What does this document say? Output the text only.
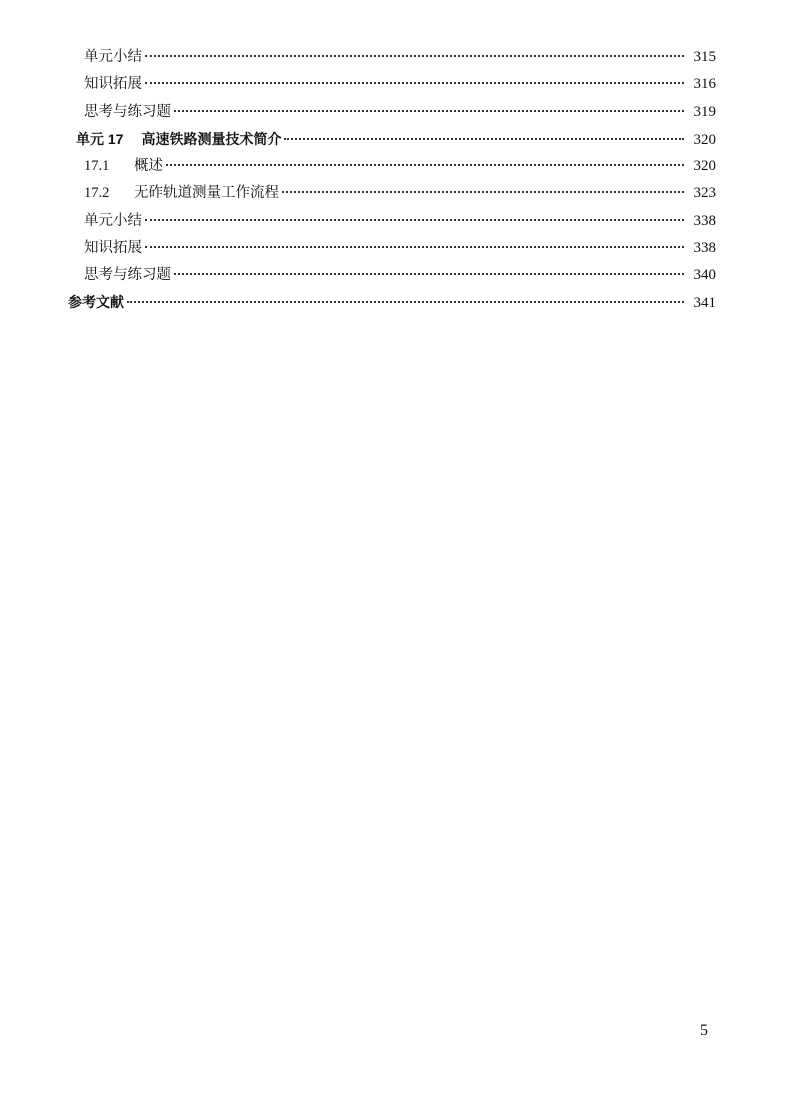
单元小结	315
知识拓展	316
思考与练习题	319
单元 17 高速铁路测量技术简介	320
17.1	概述	320
17.2	无砟轨道测量工作流程	323
单元小结	338
知识拓展	338
思考与练习题	340
参考文献	341
5
